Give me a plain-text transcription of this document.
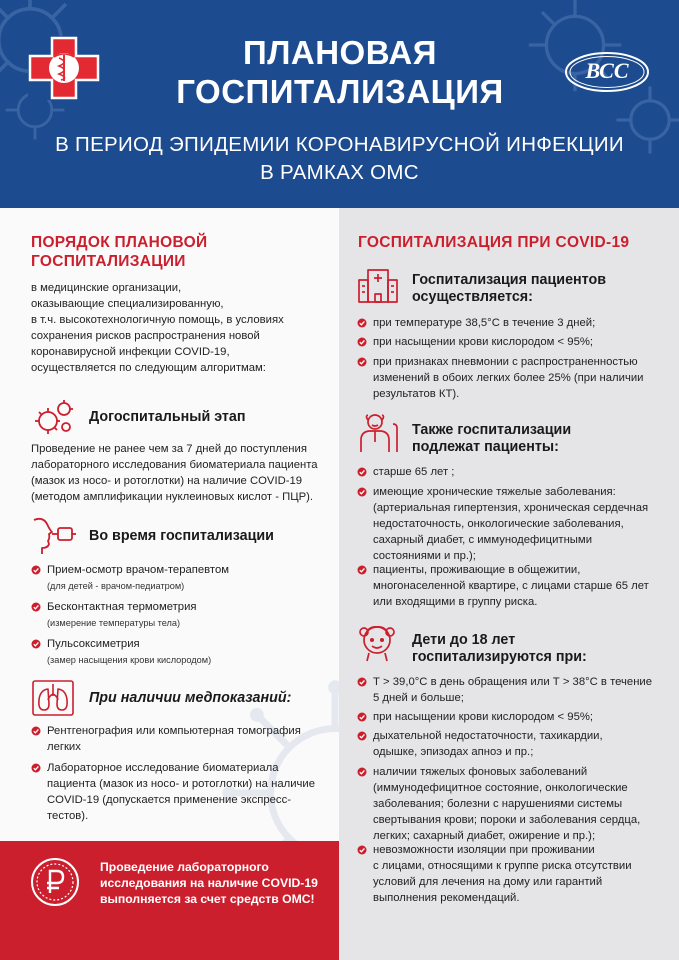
ВСС
ПЛАНОВАЯ
ГОСПИТАЛИЗАЦИЯ
В ПЕРИОД ЭПИДЕМИИ КОРОНАВИРУСНОЙ ИНФЕКЦИИ
В РАМКАХ ОМС
ПОРЯДОК ПЛАНОВОЙ
ГОСПИТАЛИЗАЦИИ
в медицинские организации,
оказывающие специализированную,
в т.ч. высокотехнологичную помощь, в условиях
сохранения рисков распространения новой
коронавирусной инфекции COVID-19,
осуществляется по следующим алгоритмам:
Догоспитальный этап
Проведение не ранее чем за 7 дней до поступления
лабораторного исследования биоматериала пациента
(мазок из носо- и ротоглотки) на наличие COVID-19
(методом амплификации нуклеиновых кислот - ПЦР).
Во время госпитализации
Прием-осмотр врачом-терапевтом
(для детей - врачом-педиатром)
Бесконтактная термометрия
(измерение температуры тела)
Пульсоксиметрия
(замер насыщения крови кислородом)
При наличии медпоказаний:
Рентгенография или компьютерная томография
легких
Лабораторное исследование биоматериала
пациента (мазок из носо- и ротоглотки) на наличие
COVID-19 (допускается применение экспресс-
тестов).
Проведение лабораторного
исследования на наличие COVID-19
выполняется за счет средств ОМС!
ГОСПИТАЛИЗАЦИЯ ПРИ COVID-19
Госпитализация пациентов
осуществляется:
при температуре 38,5°С в течение 3 дней;
при насыщении крови кислородом < 95%;
при признаках пневмонии с распространенностью
изменений в обоих легких более 25% (при наличии
результатов КТ).
Также госпитализации
подлежат пациенты:
старше 65 лет ;
имеющие хронические тяжелые заболевания:
(артериальная гипертензия, хроническая сердечная
недостаточность, онкологические заболевания,
сахарный диабет, с иммунодефицитными
состояниями и пр.);
пациенты, проживающие в общежитии,
многонаселенной квартире, с лицами старше 65 лет
или входящими в группу риска.
Дети до 18 лет
госпитализируются при:
Т > 39,0°С в день обращения или Т > 38°С в течение
5 дней и больше;
при насыщении крови кислородом < 95%;
дыхательной недостаточности, тахикардии,
одышке, эпизодах апноэ и пр.;
наличии тяжелых фоновых заболеваний
(иммунодефицитное состояние, онкологические
заболевания; болезни с нарушениями системы
свертывания крови; пороки и заболевания сердца,
легких; сахарный диабет, ожирение и пр.);
невозможности изоляции при проживании
с лицами, относящими к группе риска отсутствии
условий для лечения на дому или гарантий
выполнения рекомендаций.
